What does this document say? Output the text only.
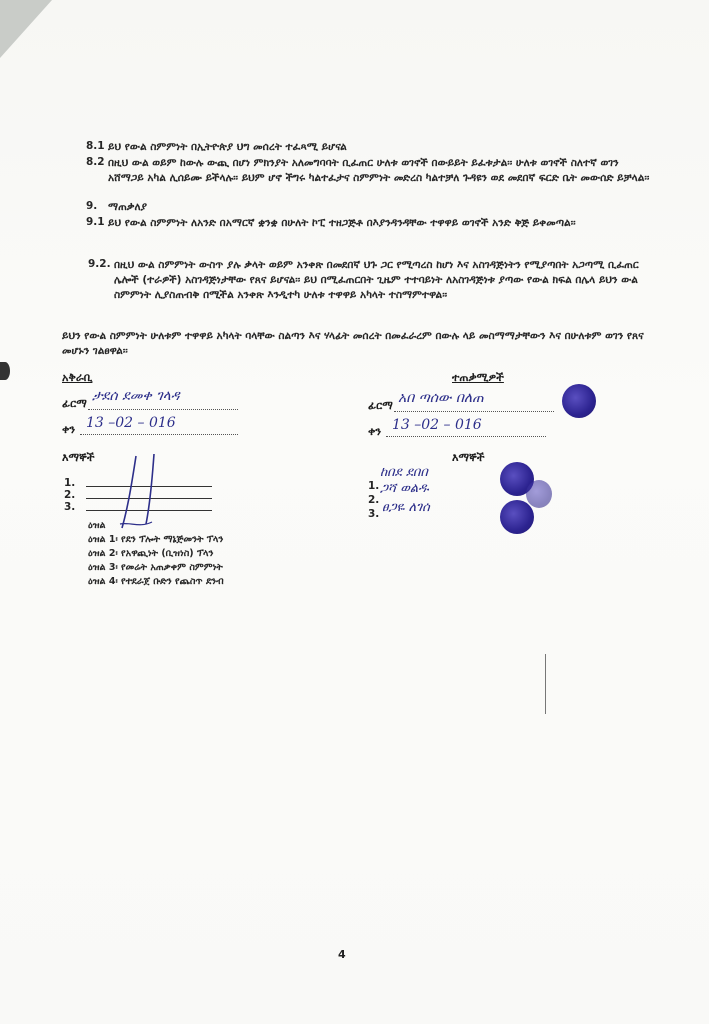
8.1 ይህ የውል ስምምነት በኢትዮጵያ ህግ መሰረት ተፈጻሚ ይሆናል
8.2 በዚህ ውል ወይም ከውሉ ውጪ በሆነ ምክንያት አለመግባባት ቢፈጠር ሁለቱ ወገኖች በውይይት ይፈቱታል፡፡ ሁለቱ ወገኖች ስለተኛ ወገን አሸማጋይ አካል ሊሰይሙ ይችላሉ፡፡ ይህም ሆኖ ችግሩ ካልተፈታና ስምምነት መድረስ ካልተቻለ ጉዳዩን ወደ መደበኛ ፍርድ ቤት መውሰድ ይቻላል፡፡
9. ማጠቃለያ
9.1 ይህ የውል ስምምነት ለአንድ በአማርኛ ቋንቋ በሁለት ኮፒ ተዘጋጅቶ በእያንዳንዳቸው ተዋዋይ ወገኖች አንድ ቅጅ ይቀመጣል፡፡
9.2. በዚህ ውል ስምምነት ውስጥ ያሉ ቃላት ወይም አንቀጽ በመደበኛ ህጉ ጋር የሚጣረስ ከሆነ እና አስገዳጅነትን የሚያጣበት አጋጣሚ ቢፈጠር ሌሎች (ተራዎች) አስገዳጅነታቸው የጸና ይሆናል፡፡ ይህ በሚፈጠርበት ጊዜም ተተባይነት ለአስገዳጅነቱ ያጣው የውል ክፍል በሌላ ይህን ውል ስምምነት ሊያስጠብቅ በሚችል አንቀጽ እንዲተካ ሁለቱ ተዋዋይ አካላት ተስማምተዋል፡፡
ይህን የውል ስምምነት ሁለቱም ተዋዋይ አካላት ባላቸው ስልጣን እና ሃላፊት መሰረት በመፈራረም በውሉ ላይ መስማማታቸውን እና በሁለቱም ወገን የጸና መሆኑን ገልፀዋል፡፡
አቅራቢ
ፊርማ ታደሰ ደመቀ ገላዳ
ቀን 13 –02 – 016
ተጠቃሚዎች
ፊርማ አበ ጣሰው በለጠ
ቀን 13 –02 – 016
እማኞች
1.
2.
3.
እማኞች
1.
ከበደ ደበበ
2.
ጋሻ ወልዱ
3. ፀጋዬ ለገሰ
ዕዝል
ዕዝል 1፡ የደን ፕሎት ማኔጅመንት ፕላን
ዕዝል 2፡ የአዋጪነት (ቢዝነስ) ፕላን
ዕዝል 3፡ የመሬት አጠቃቀም ስምምነት
ዕዝል 4፡ የተደራጀ ቡድን የጨስጥ ደንብ
4
